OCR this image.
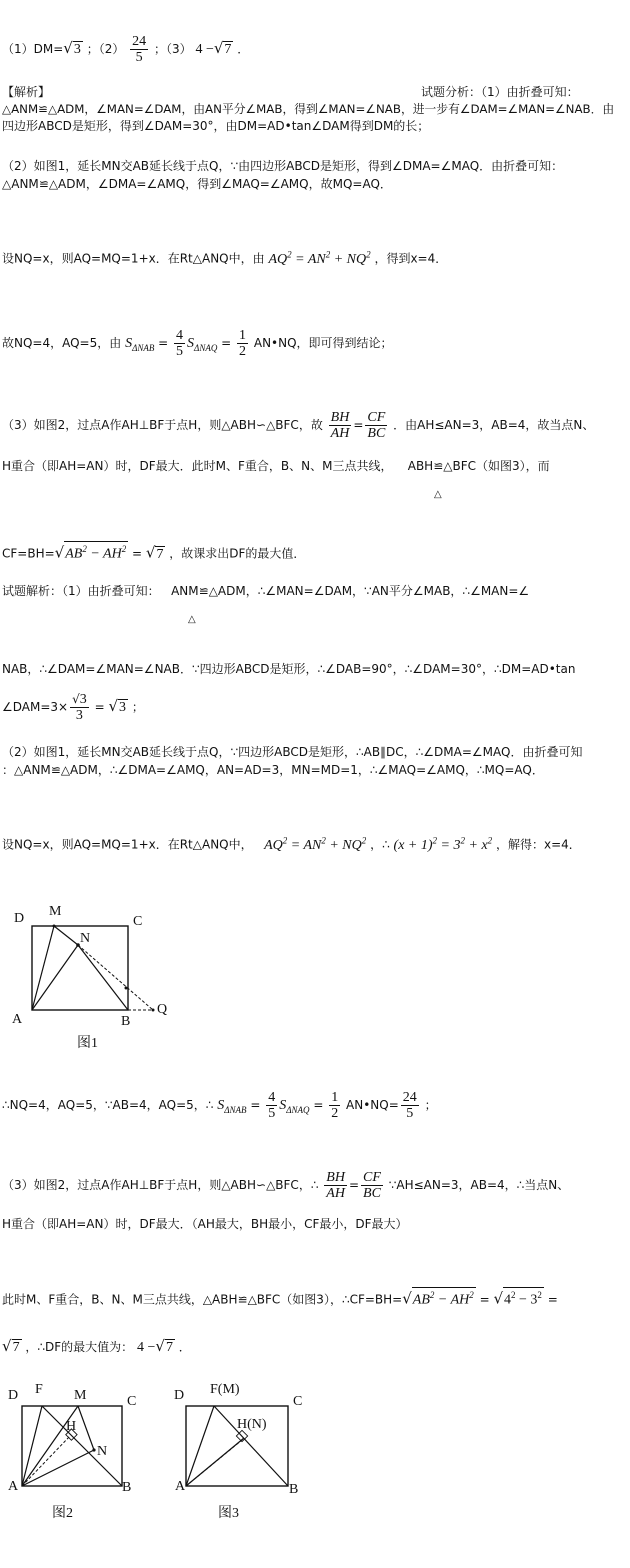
（1）DM=√3 ；$(2) \frac{24}{5}$ ；（3） 4 −√7 ．
【解析】	试题分析：（1）由折叠可知：
△ANM≌△ADM，∠MAN=∠DAM，由AN平分∠MAB，得到∠MAN=∠NAB，进一步有∠DAM=∠MAN=∠NAB．由
四边形ABCD是矩形，得到∠DAM=30°，由DM=AD•tan∠DAM得到DM的长；
（2）如图1，延长MN交AB延长线于点Q，∵由四边形ABCD是矩形，得到∠DMA=∠MAQ．由折叠可知：
△ANM≌△ADM，∠DMA=∠AMQ，得到∠MAQ=∠AMQ，故MQ=AQ．
设NQ=x，则AQ=MQ=1+x．在Rt△ANQ中，由 $AQ^2 = AN^2 + NQ^2$ ，得到x=4．
故NQ=4，AQ=5，由 $S_{\Delta NAB} = \frac{4}{5} S_{\Delta NAQ} = \frac{1}{2}$ AN•NQ，即可得到结论；
（3）如图2，过点A作AH⊥BF于点H，则△ABH∽△BFC，故 $\frac{BH}{AH} = \frac{CF}{BC}$ ．由AH≤AN=3，AB=4，故当点N、
H重合（即AH=AN）时，DF最大．此时M、F重合，B、N、M三点共线， ABH≌△BFC（如图3），而
△
$CF=BH=√AB^2 - AH^2 = √7$ ，故课求出DF的最大值．
试题解析：（1）由折叠可知： ANM≌△ADM，∴∠MAN=∠DAM，∵AN平分∠MAB，∴∠MAN=∠
△
NAB，∴∠DAM=∠MAN=∠NAB．∵四边形ABCD是矩形，∴∠DAB=90°，∴∠DAM=30°，∴DM=AD•tan
∠DAM=3× $\frac{√3}{3} = √3$ ；
（2）如图1，延长MN交AB延长线于点Q，∵四边形ABCD是矩形，∴AB∥DC，∴∠DMA=∠MAQ．由折叠可知
：△ANM≌△ADM，∴∠DMA=∠AMQ，AN=AD=3，MN=MD=1，∴∠MAQ=∠AMQ，∴MQ=AQ．
设NQ=x，则AQ=MQ=1+x．在Rt△ANQ中， $AQ^2 = AN^2 + NQ^2$ ，∴ $(x + 1)^2 = 3^2 + x^2$ ，解得：x=4．
D M
C
N
A	B
Q
图1
∴NQ=4，AQ=5，∵AB=4，AQ=5，∴ $S_{\Delta NAB} = \frac{4}{5} S_{\Delta NAQ} = \frac{1}{2}$ AN•NQ= $\frac{24}{5}$ ；
（3）如图2，过点A作AH⊥BF于点H，则△ABH∽△BFC，∴ $\frac{BH}{AH} = \frac{CF}{BC}$ ∵AH≤AN=3，AB=4，∴当点N、
H重合（即AH=AN）时，DF最大．（AH最大，BH最小，CF最小，DF最大）
此时M、F重合，B、N、M三点共线，△ABH≌△BFC（如图3），$\therefore CF=BH=√AB^2 - AH^2 = √4^2 - 3^2$ =
√7 ，∴DF的最大值为： 4 −√7 ．
D F M	C
H
N
A	B
图2
D F(M)
C
H(N)
A	B
图3
